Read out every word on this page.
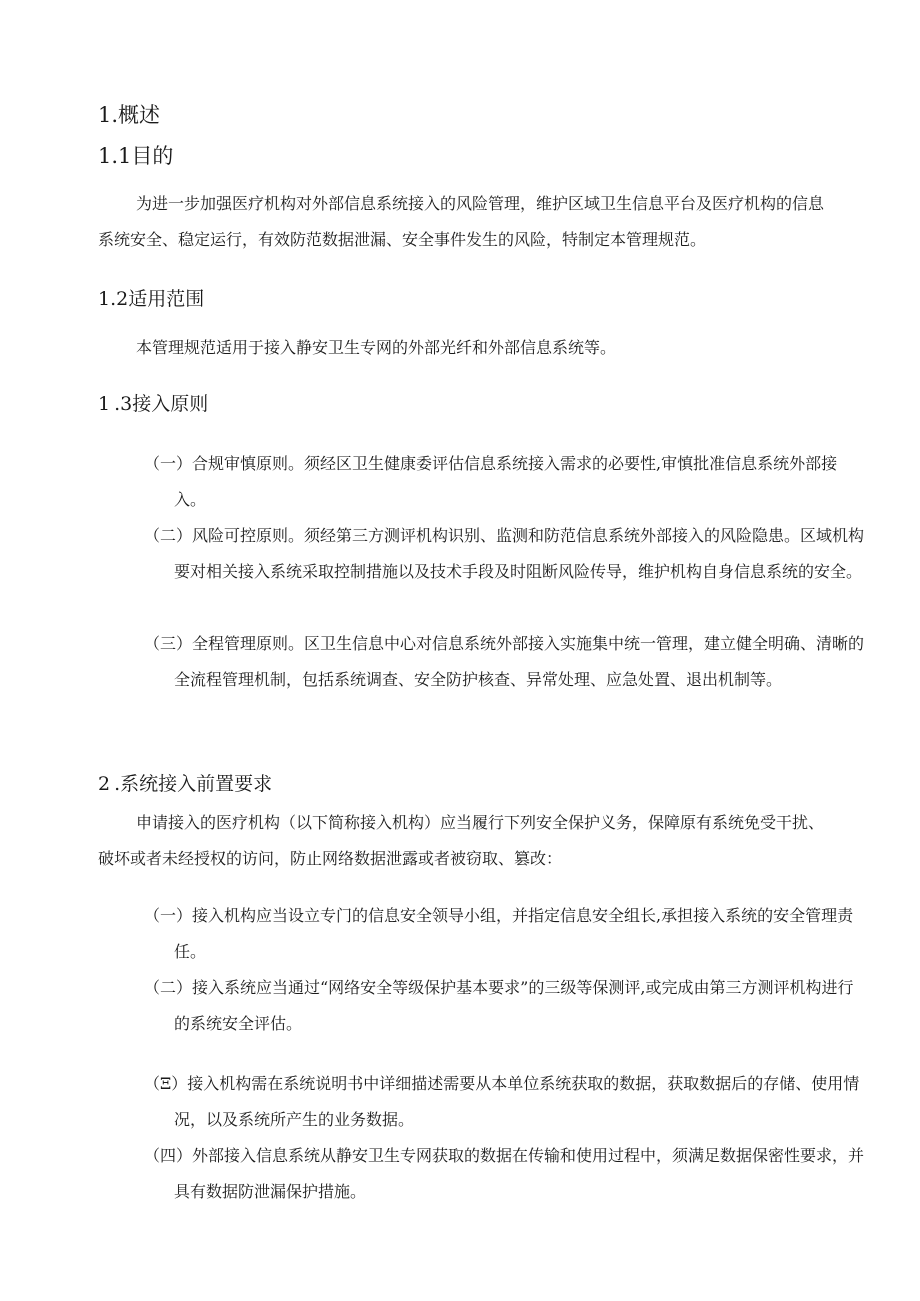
1.概述
1.1目的

为进一步加强医疗机构对外部信息系统接入的风险管理，维护区域卫生信息平台及医疗机构的信息系统安全、稳定运行，有效防范数据泄漏、安全事件发生的风险，特制定本管理规范。

1.2适用范围

本管理规范适用于接入静安卫生专网的外部光纤和外部信息系统等。

1 .3接入原则

（一）合规审慎原则。须经区卫生健康委评估信息系统接入需求的必要性,审慎批准信息系统外部接入。

（二）风险可控原则。须经第三方测评机构识别、监测和防范信息系统外部接入的风险隐患。区域机构要对相关接入系统采取控制措施以及技术手段及时阻断风险传导，维护机构自身信息系统的安全。

（三）全程管理原则。区卫生信息中心对信息系统外部接入实施集中统一管理，建立健全明确、清晰的全流程管理机制，包括系统调查、安全防护核查、异常处理、应急处置、退出机制等。

2 .系统接入前置要求

申请接入的医疗机构（以下简称接入机构）应当履行下列安全保护义务，保障原有系统免受干扰、破坏或者未经授权的访问，防止网络数据泄露或者被窃取、篡改：

（一）接入机构应当设立专门的信息安全领导小组，并指定信息安全组长,承担接入系统的安全管理责任。

（二）接入系统应当通过“网络安全等级保护基本要求”的三级等保测评,或完成由第三方测评机构进行的系统安全评估。

（Ξ）接入机构需在系统说明书中详细描述需要从本单位系统获取的数据，获取数据后的存储、使用情况，以及系统所产生的业务数据。

（四）外部接入信息系统从静安卫生专网获取的数据在传输和使用过程中，须满足数据保密性要求，并具有数据防泄漏保护措施。
